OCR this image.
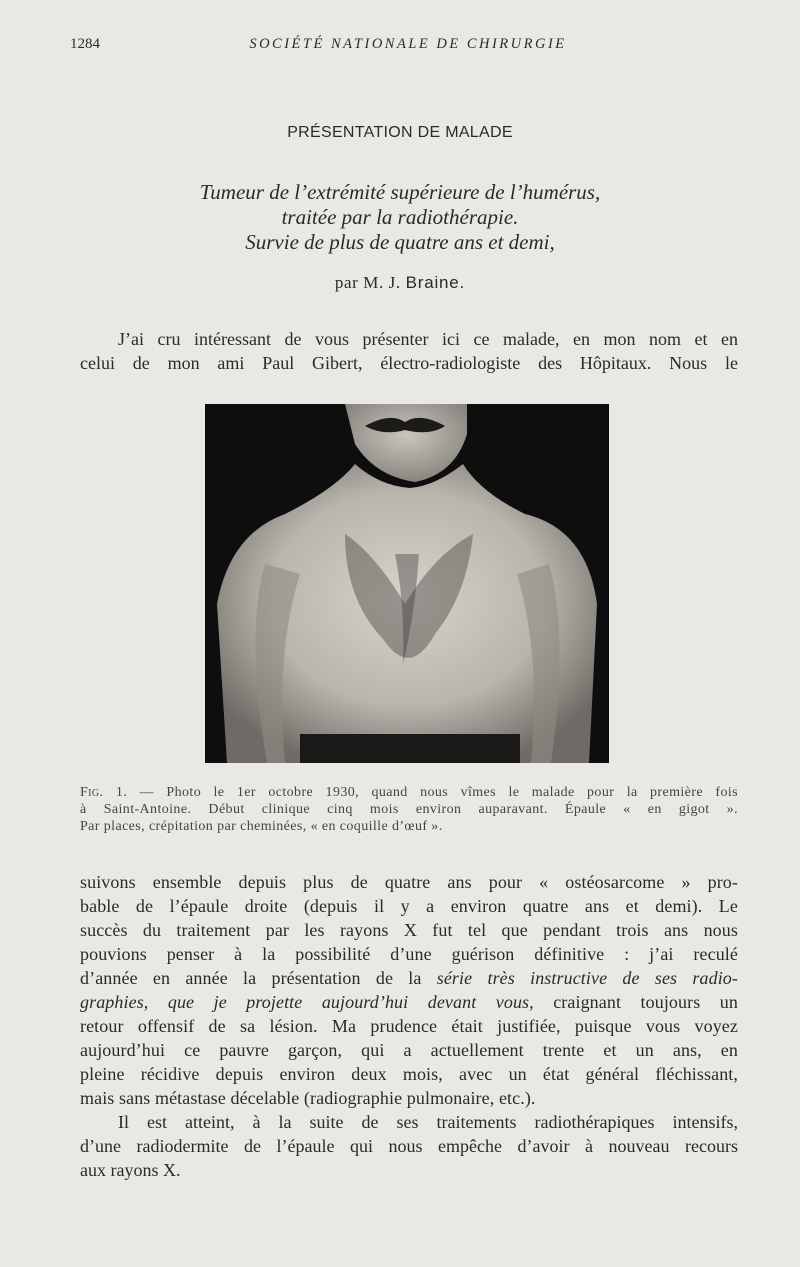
1284	SOCIÉTÉ NATIONALE DE CHIRURGIE
PRÉSENTATION DE MALADE
Tumeur de l’extrémité supérieure de l’humérus,
traitée par la radiothérapie.
Survie de plus de quatre ans et demi,
par M. J. Braine.
J’ai cru intéressant de vous présenter ici ce malade, en mon nom et en
celui de mon ami Paul Gibert, électro-radiologiste des Hôpitaux. Nous le
Fig. 1. — Photo le 1er octobre 1930, quand nous vîmes le malade pour la première fois
à Saint-Antoine. Début clinique cinq mois environ auparavant. Épaule « en gigot ».
Par places, crépitation par cheminées, « en coquille d’œuf ».
suivons ensemble depuis plus de quatre ans pour « ostéosarcome » pro-
bable de l’épaule droite (depuis il y a environ quatre ans et demi). Le
succès du traitement par les rayons X fut tel que pendant trois ans nous
pouvions penser à la possibilité d’une guérison définitive : j’ai reculé
d’année en année la présentation de la série très instructive de ses radio-
graphies, que je projette aujourd’hui devant vous, craignant toujours un
retour offensif de sa lésion. Ma prudence était justifiée, puisque vous voyez
aujourd’hui ce pauvre garçon, qui a actuellement trente et un ans, en
pleine récidive depuis environ deux mois, avec un état général fléchissant,
mais sans métastase décelable (radiographie pulmonaire, etc.).
Il est atteint, à la suite de ses traitements radiothérapiques intensifs,
d’une radiodermite de l’épaule qui nous empêche d’avoir à nouveau recours
aux rayons X.
